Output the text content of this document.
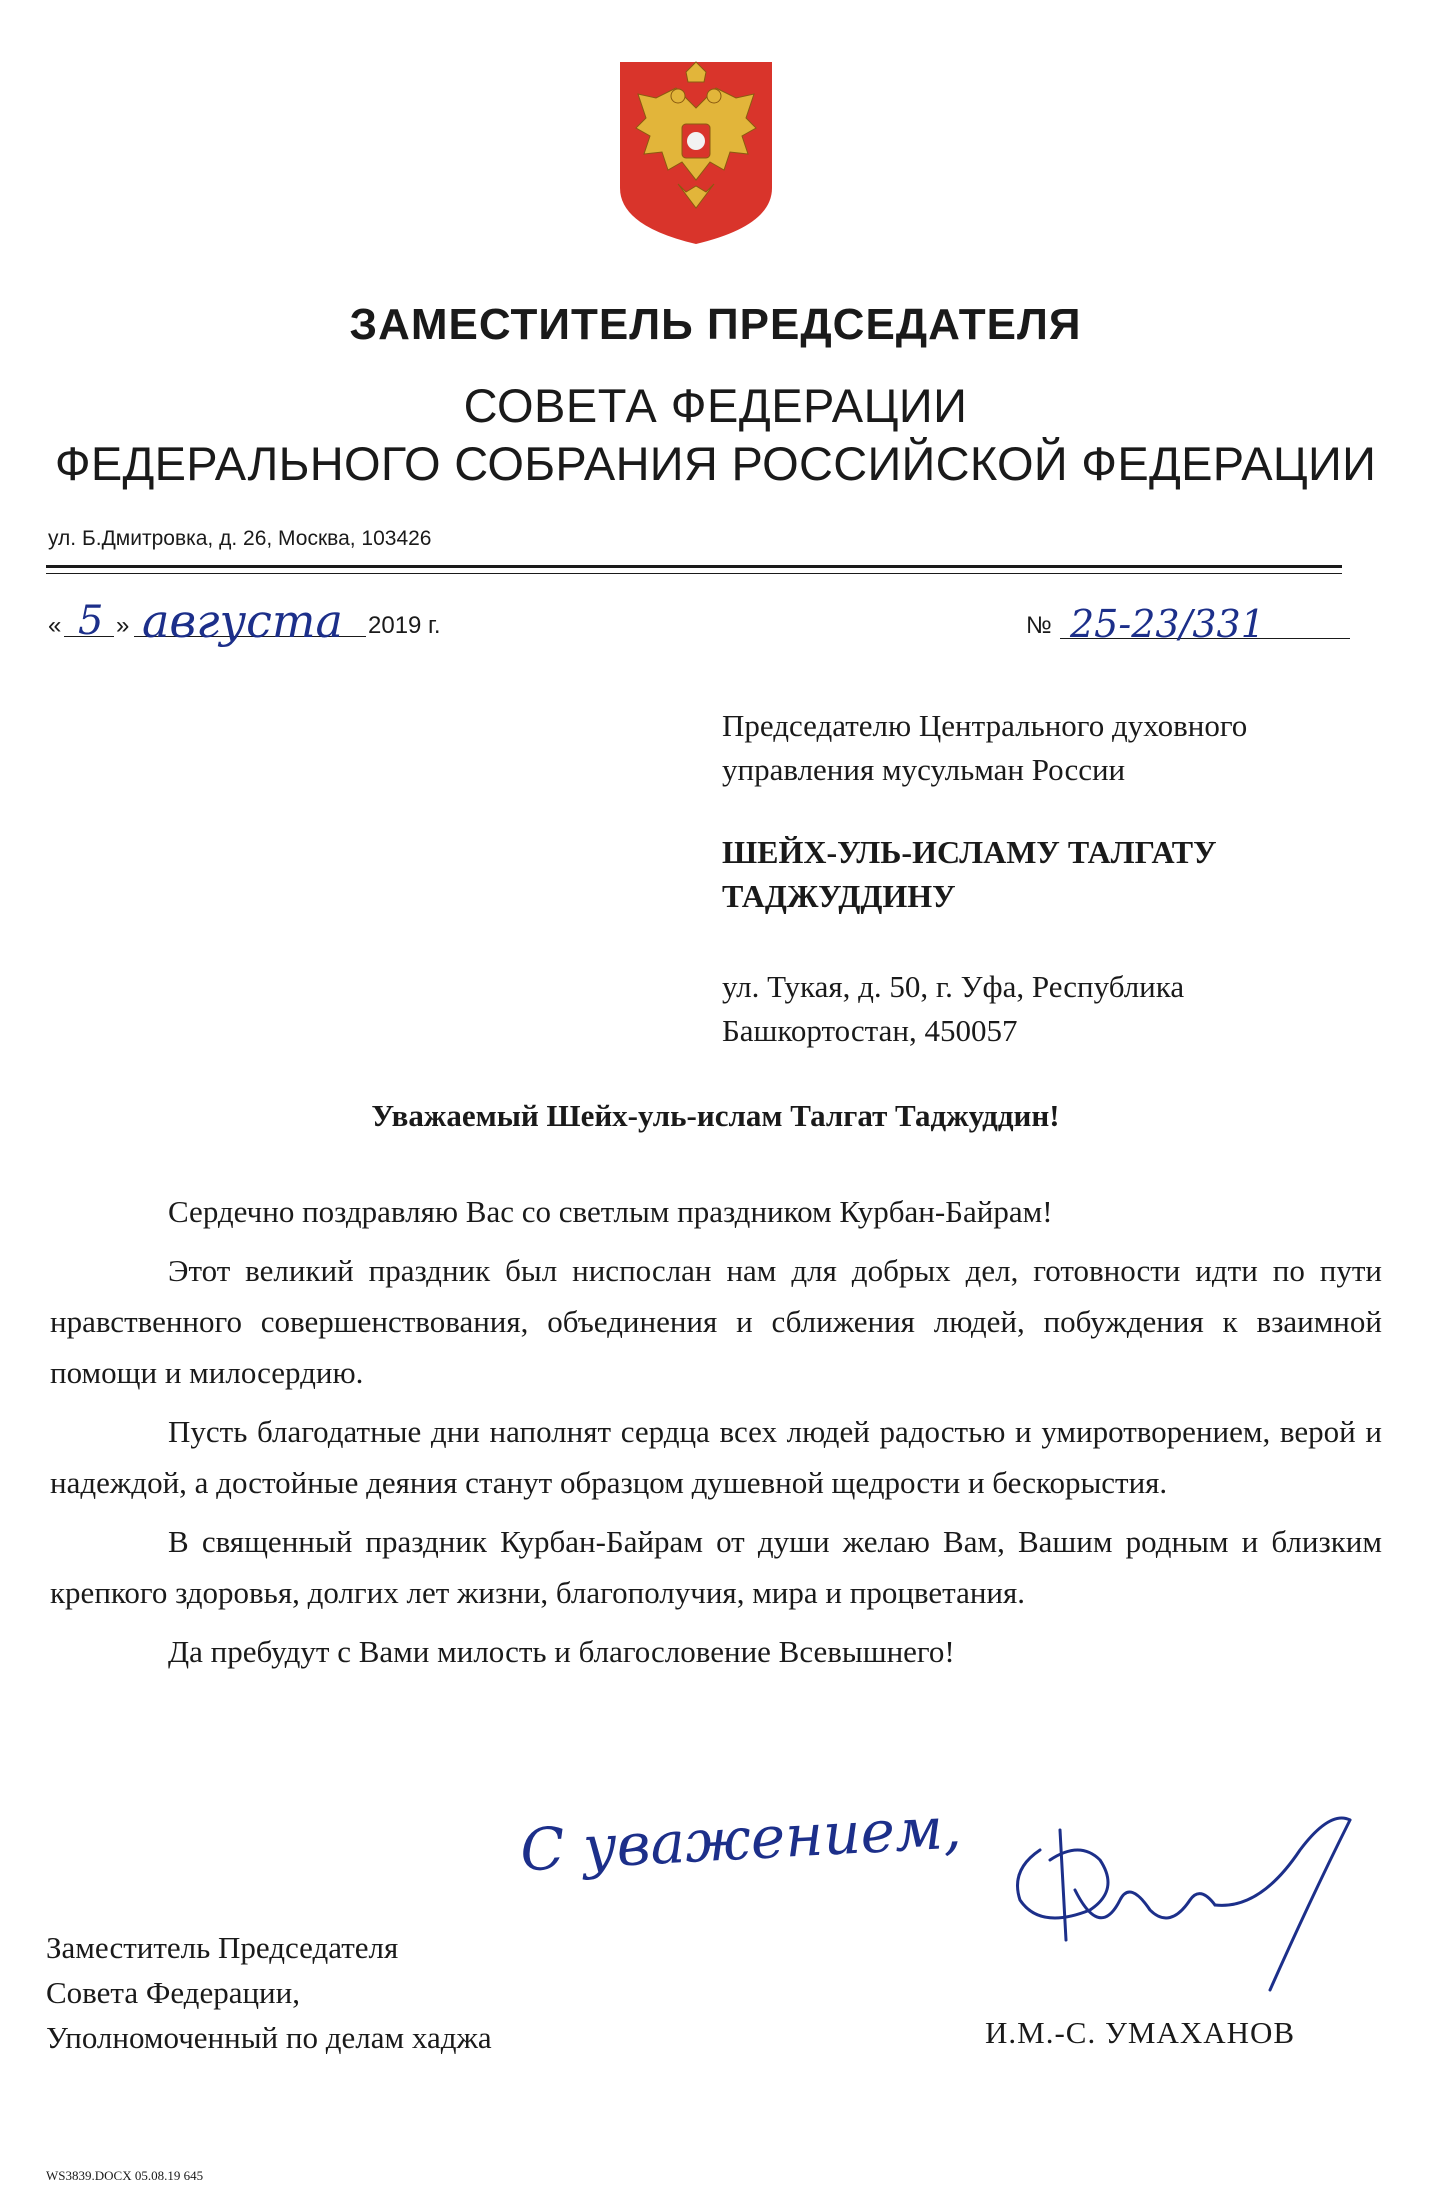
ЗАМЕСТИТЕЛЬ ПРЕДСЕДАТЕЛЯ
СОВЕТА ФЕДЕРАЦИИ
ФЕДЕРАЛЬНОГО СОБРАНИЯ РОССИЙСКОЙ ФЕДЕРАЦИИ
ул. Б.Дмитровка, д. 26, Москва, 103426
« 5 » августа 2019 г.	№ 25-23/331
Председателю Центрального духовного
управления мусульман России
ШЕЙХ-УЛЬ-ИСЛАМУ ТАЛГАТУ
ТАДЖУДДИНУ
ул. Тукая, д. 50, г. Уфа, Республика
Башкортостан, 450057
Уважаемый Шейх-уль-ислам Талгат Таджуддин!

Сердечно поздравляю Вас со светлым праздником Курбан-Байрам!

Этот великий праздник был ниспослан нам для добрых дел, готовности идти по пути нравственного совершенствования, объединения и сближения людей, побуждения к взаимной помощи и милосердию.

Пусть благодатные дни наполнят сердца всех людей радостью и умиротворением, верой и надеждой, а достойные деяния станут образцом душевной щедрости и бескорыстия.

В священный праздник Курбан-Байрам от души желаю Вам, Вашим родным и близким крепкого здоровья, долгих лет жизни, благополучия, мира и процветания.

Да пребудут с Вами милость и благословение Всевышнего!

С уважением,
Заместитель Председателя
Совета Федерации,
Уполномоченный по делам хаджа	И.М.-С. УМАХАНОВ
WS3839.DOCX 05.08.19 645
